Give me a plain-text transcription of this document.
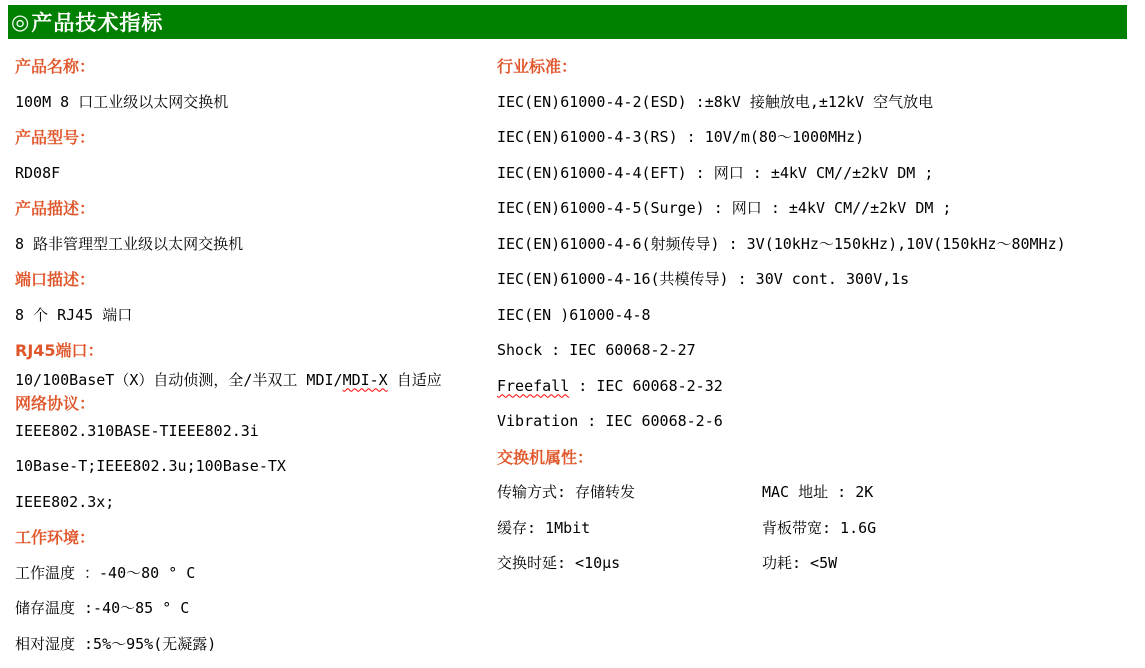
◎ 产品技术指标
产品名称：

100M 8 口工业级以太网交换机

产品型号：

RD08F

产品描述：

8 路非管理型工业级以太网交换机

端口描述：

8 个 RJ45 端口

RJ45端口：

10/100BaseT（X）自动侦测，全/半双工 MDI/MDI-X 自适应

网络协议：

IEEE802.310BASE-TIEEE802.3i

10Base-T;IEEE802.3u;100Base-TX

IEEE802.3x;

工作环境：

工作温度 ：-40～80 ° C

储存温度 :-40～85 ° C

相对湿度 :5%～95%(无凝露)

行业标准：

IEC(EN)61000-4-2(ESD) :±8kV 接触放电,±12kV 空气放电

IEC(EN)61000-4-3(RS) : 10V/m(80～1000MHz)

IEC(EN)61000-4-4(EFT) : 网口 : ±4kV CM//±2kV DM ;

IEC(EN)61000-4-5(Surge) : 网口 : ±4kV CM//±2kV DM ;

IEC(EN)61000-4-6(射频传导) : 3V(10kHz～150kHz),10V(150kHz～80MHz)

IEC(EN)61000-4-16(共模传导) : 30V cont. 300V,1s

IEC(EN )61000-4-8

Shock : IEC 60068-2-27

Freefall : IEC 60068-2-32

Vibration : IEC 60068-2-6

交换机属性：
传输方式: 存储转发	MAC 地址 : 2K
缓存: 1Mbit	背板带宽: 1.6G
交换时延: <10μs	功耗: <5W
